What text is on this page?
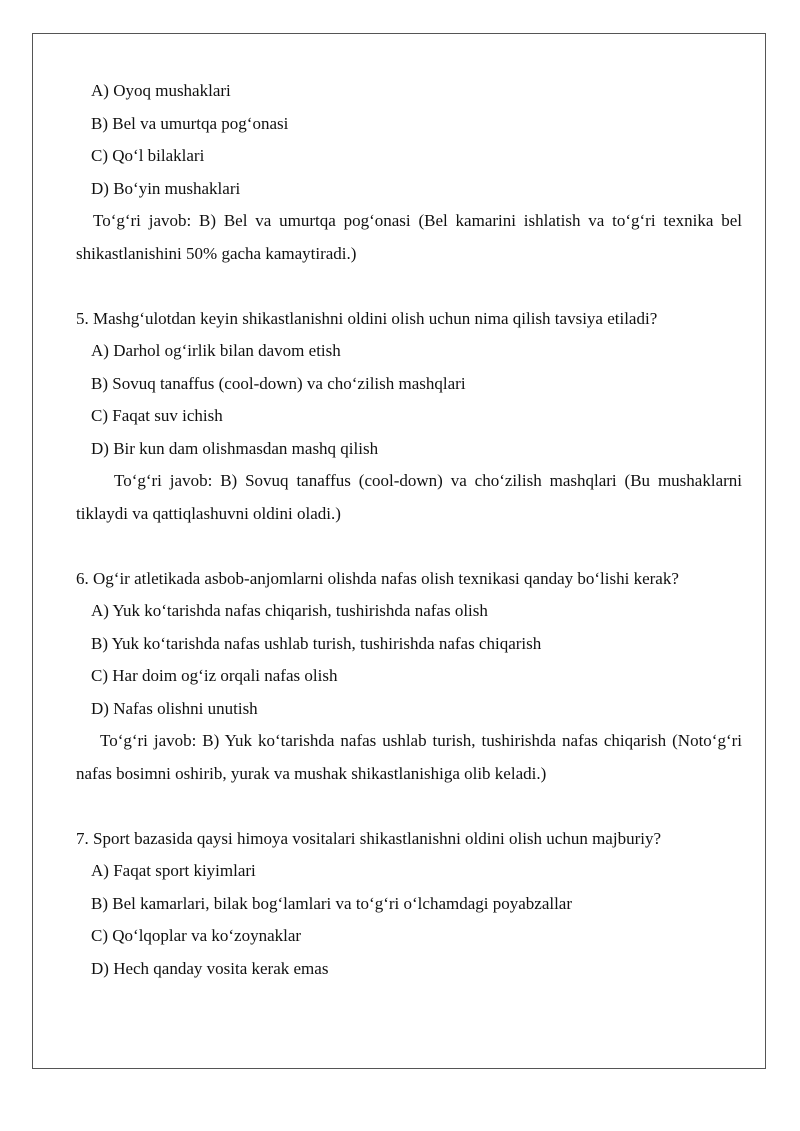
A) Oyoq mushaklari
B) Bel va umurtqa pog‘onasi
C) Qo‘l bilaklari
D) Bo‘yin mushaklari
To‘g‘ri javob: B) Bel va umurtqa pog‘onasi (Bel kamarini ishlatish va to‘g‘ri texnika bel shikastlanishini 50% gacha kamaytiradi.)
5. Mashg‘ulotdan keyin shikastlanishni oldini olish uchun nima qilish tavsiya etiladi?
A) Darhol og‘irlik bilan davom etish
B) Sovuq tanaffus (cool-down) va cho‘zilish mashqlari
C) Faqat suv ichish
D) Bir kun dam olishmasdan mashq qilish
To‘g‘ri javob: B) Sovuq tanaffus (cool-down) va cho‘zilish mashqlari (Bu mushaklarni tiklaydi va qattiqlashuvni oldini oladi.)
6. Og‘ir atletikada asbob-anjomlarni olishda nafas olish texnikasi qanday bo‘lishi kerak?
A) Yuk ko‘tarishda nafas chiqarish, tushirishda nafas olish
B) Yuk ko‘tarishda nafas ushlab turish, tushirishda nafas chiqarish
C) Har doim og‘iz orqali nafas olish
D) Nafas olishni unutish
To‘g‘ri javob: B) Yuk ko‘tarishda nafas ushlab turish, tushirishda nafas chiqarish (Noto‘g‘ri nafas bosimni oshirib, yurak va mushak shikastlanishiga olib keladi.)
7. Sport bazasida qaysi himoya vositalari shikastlanishni oldini olish uchun majburiy?
A) Faqat sport kiyimlari
B) Bel kamarlari, bilak bog‘lamlari va to‘g‘ri o‘lchamdagi poyabzallar
C) Qo‘lqoplar va ko‘zoynaklar
D) Hech qanday vosita kerak emas
